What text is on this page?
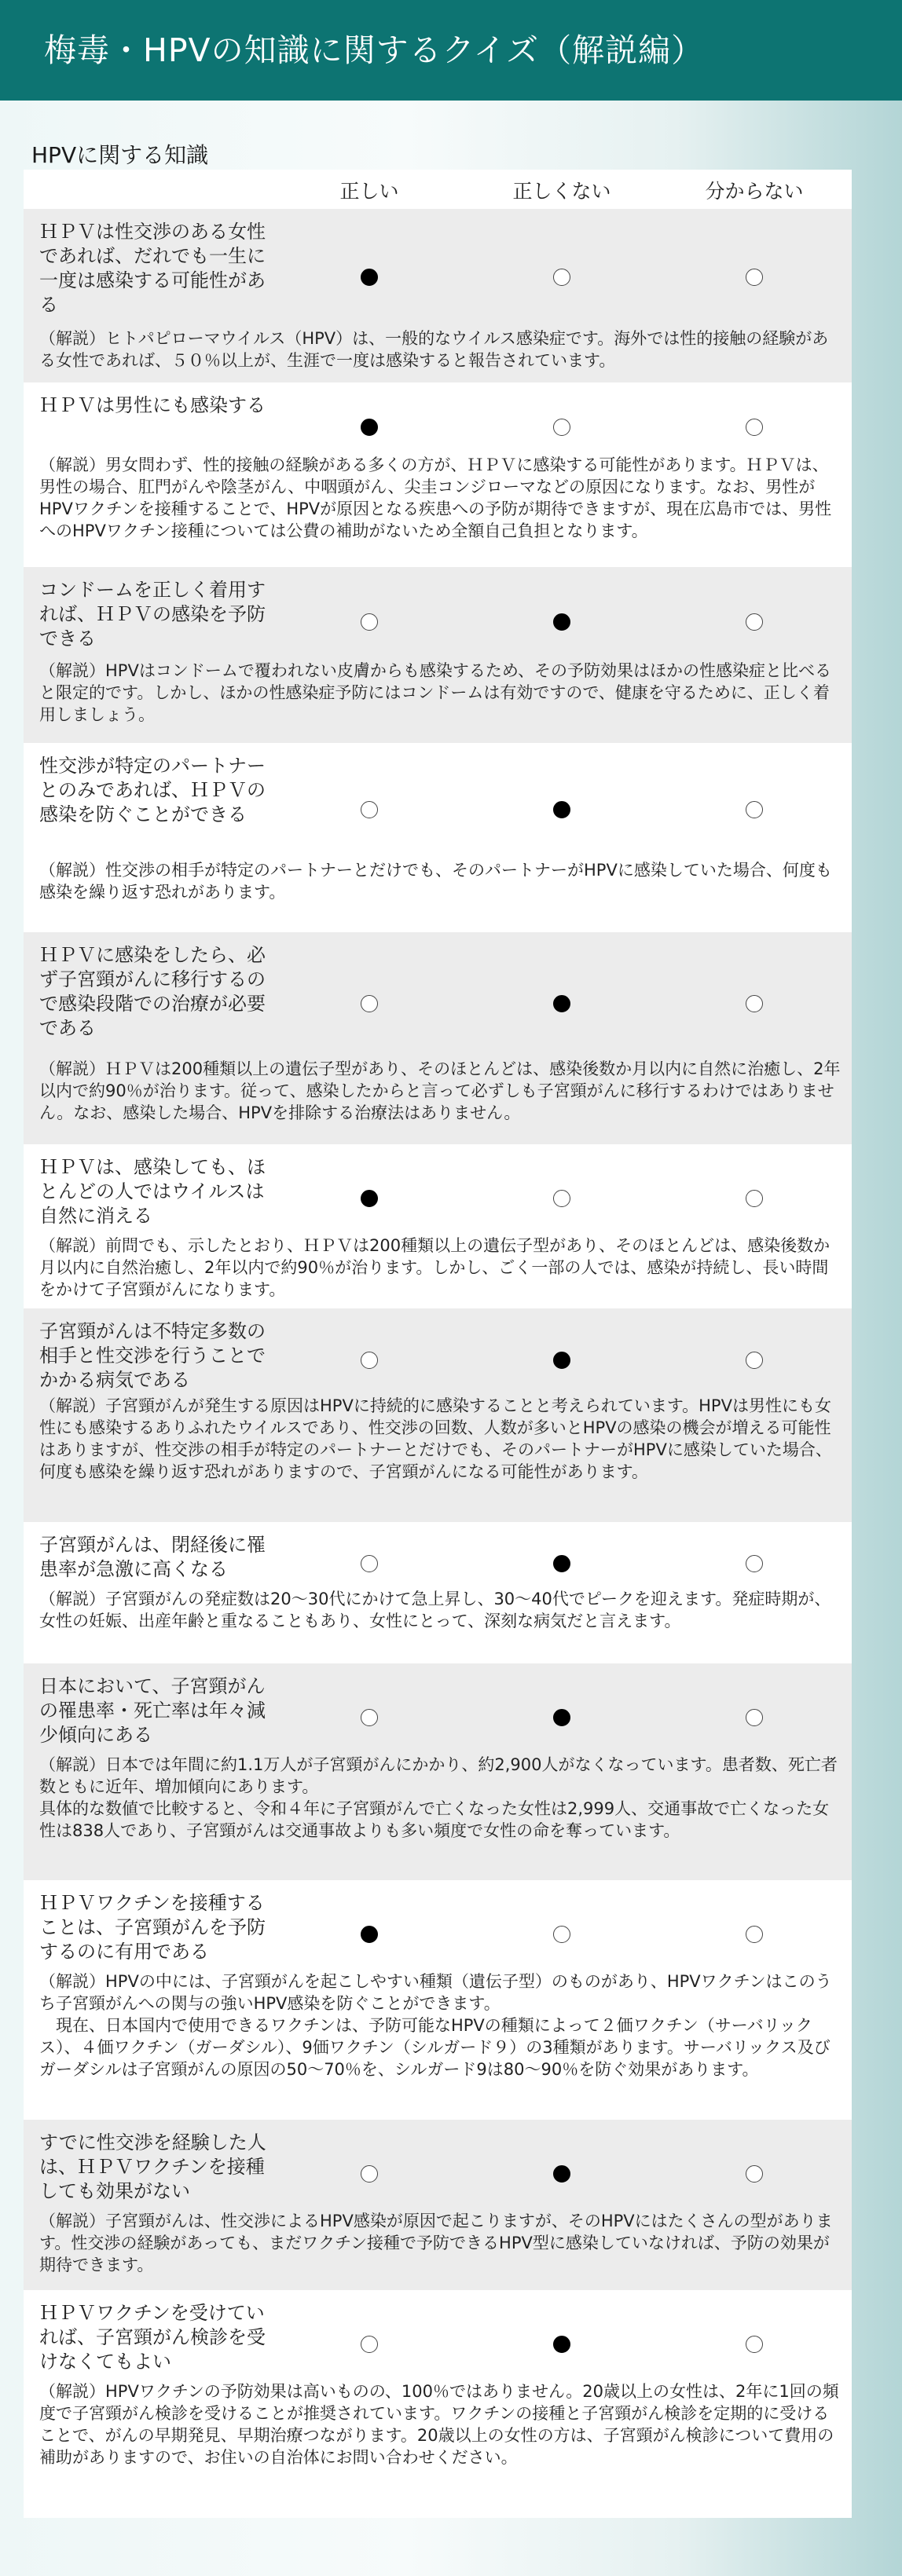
梅毒・HPVの知識に関するクイズ（解説編）
HPVに関する知識
正しい	正しくない	分からない
ＨＰＶは性交渉のある女性であれば、だれでも一生に一度は感染する可能性がある
（解説）ヒトパピローマウイルス（HPV）は、一般的なウイルス感染症です。海外では性的接触の経験がある女性であれば、５０％以上が、生涯で一度は感染すると報告されています。
ＨＰＶは男性にも感染する
（解説）男女問わず、性的接触の経験がある多くの方が、ＨＰＶに感染する可能性があります。ＨＰＶは、男性の場合、肛門がんや陰茎がん、中咽頭がん、尖圭コンジローマなどの原因になります。なお、男性がHPVワクチンを接種することで、HPVが原因となる疾患への予防が期待できますが、現在広島市では、男性へのHPVワクチン接種については公費の補助がないため全額自己負担となります。
コンドームを正しく着用すれば、ＨＰＶの感染を予防できる
（解説）HPVはコンドームで覆われない皮膚からも感染するため、その予防効果はほかの性感染症と比べると限定的です。しかし、ほかの性感染症予防にはコンドームは有効ですので、健康を守るために、正しく着用しましょう。
性交渉が特定のパートナーとのみであれば、ＨＰＶの感染を防ぐことができる
（解説）性交渉の相手が特定のパートナーとだけでも、そのパートナーがHPVに感染していた場合、何度も感染を繰り返す恐れがあります。
ＨＰＶに感染をしたら、必ず子宮頸がんに移行するので感染段階での治療が必要である
（解説）ＨＰＶは200種類以上の遺伝子型があり、そのほとんどは、感染後数か月以内に自然に治癒し、2年以内で約90％が治ります。従って、感染したからと言って必ずしも子宮頸がんに移行するわけではありません。なお、感染した場合、HPVを排除する治療法はありません。
ＨＰＶは、感染しても、ほとんどの人ではウイルスは自然に消える
（解説）前問でも、示したとおり、ＨＰＶは200種類以上の遺伝子型があり、そのほとんどは、感染後数か月以内に自然治癒し、2年以内で約90％が治ります。しかし、ごく一部の人では、感染が持続し、長い時間をかけて子宮頸がんになります。
子宮頸がんは不特定多数の相手と性交渉を行うことでかかる病気である
（解説）子宮頸がんが発生する原因はHPVに持続的に感染することと考えられています。HPVは男性にも女性にも感染するありふれたウイルスであり、性交渉の回数、人数が多いとHPVの感染の機会が増える可能性はありますが、性交渉の相手が特定のパートナーとだけでも、そのパートナーがHPVに感染していた場合、何度も感染を繰り返す恐れがありますので、子宮頸がんになる可能性があります。
子宮頸がんは、閉経後に罹患率が急激に高くなる
（解説）子宮頸がんの発症数は20～30代にかけて急上昇し、30～40代でピークを迎えます。発症時期が、女性の妊娠、出産年齢と重なることもあり、女性にとって、深刻な病気だと言えます。
日本において、子宮頸がんの罹患率・死亡率は年々減少傾向にある
（解説）日本では年間に約1.1万人が子宮頸がんにかかり、約2,900人がなくなっています。患者数、死亡者数ともに近年、増加傾向にあります。
具体的な数値で比較すると、令和４年に子宮頸がんで亡くなった女性は2,999人、交通事故で亡くなった女性は838人であり、子宮頸がんは交通事故よりも多い頻度で女性の命を奪っています。
ＨＰＶワクチンを接種することは、子宮頸がんを予防するのに有用である
（解説）HPVの中には、子宮頸がんを起こしやすい種類（遺伝子型）のものがあり、HPVワクチンはこのうち子宮頸がんへの関与の強いHPV感染を防ぐことができます。
　現在、日本国内で使用できるワクチンは、予防可能なHPVの種類によって２価ワクチン（サーバリックス）、４価ワクチン（ガーダシル）、9価ワクチン（シルガード９）の3種類があります。サーバリックス及びガーダシルは子宮頸がんの原因の50～70％を、シルガード9は80～90％を防ぐ効果があります。
すでに性交渉を経験した人は、ＨＰＶワクチンを接種しても効果がない
（解説）子宮頸がんは、性交渉によるHPV感染が原因で起こりますが、そのHPVにはたくさんの型があります。性交渉の経験があっても、まだワクチン接種で予防できるHPV型に感染していなければ、予防の効果が期待できます。
ＨＰＶワクチンを受けていれば、子宮頸がん検診を受けなくてもよい
（解説）HPVワクチンの予防効果は高いものの、100％ではありません。20歳以上の女性は、2年に1回の頻度で子宮頸がん検診を受けることが推奨されています。ワクチンの接種と子宮頸がん検診を定期的に受けることで、がんの早期発見、早期治療つながります。20歳以上の女性の方は、子宮頸がん検診について費用の補助がありますので、お住いの自治体にお問い合わせください。
